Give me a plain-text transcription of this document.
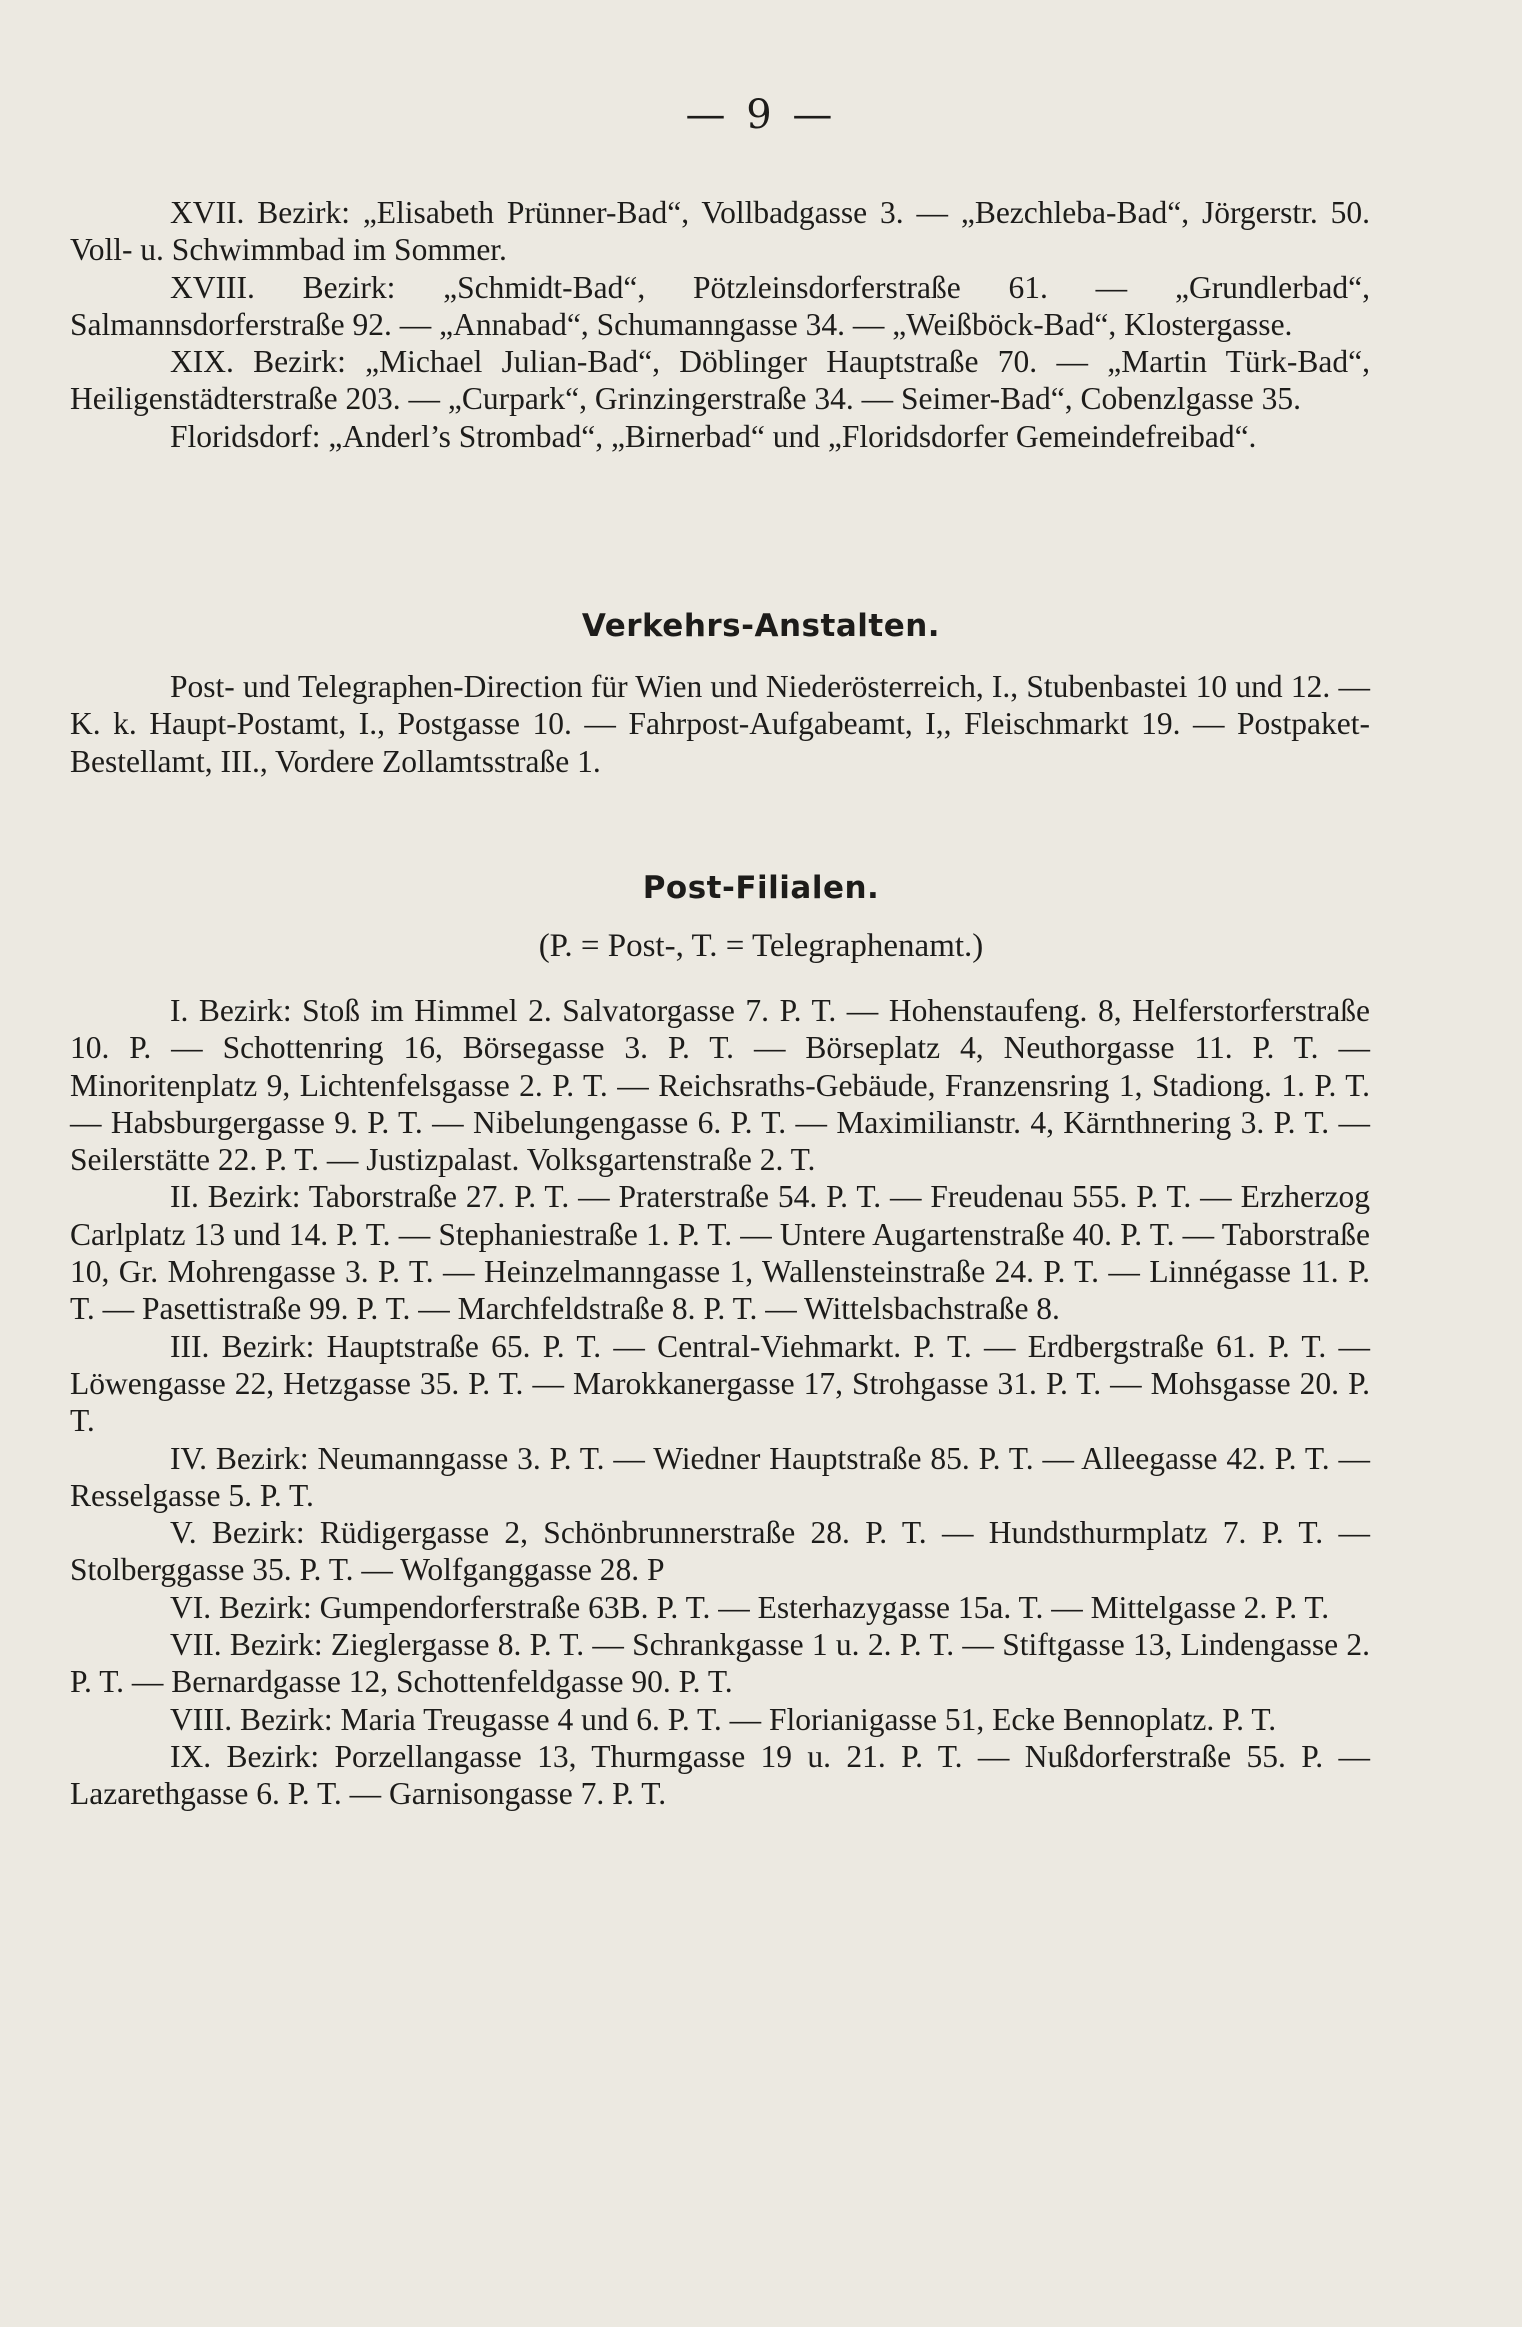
— 9 —

XVII. Bezirk: „Elisabeth Prünner-Bad“, Vollbadgasse 3. — „Bezchleba-Bad“, Jörgerstr. 50. Voll- u. Schwimmbad im Sommer.

XVIII. Bezirk: „Schmidt-Bad“, Pötzleinsdorferstraße 61. — „Grundlerbad“, Salmannsdorferstraße 92. — „Annabad“, Schumanngasse 34. — „Weißböck-Bad“, Klostergasse.

XIX. Bezirk: „Michael Julian-Bad“, Döblinger Hauptstraße 70. — „Martin Türk-Bad“, Heiligenstädterstraße 203. — „Curpark“, Grinzingerstraße 34. — Seimer-Bad“, Cobenzlgasse 35.

Floridsdorf: „Anderl’s Strombad“, „Birnerbad“ und „Floridsdorfer Gemeindefreibad“.

Verkehrs-Anstalten.

Post- und Telegraphen-Direction für Wien und Niederösterreich, I., Stubenbastei 10 und 12. — K. k. Haupt-Postamt, I., Postgasse 10. — Fahrpost-Aufgabeamt, I,, Fleischmarkt 19. — Postpaket-Bestellamt, III., Vordere Zollamtsstraße 1.

Post-Filialen.
(P. = Post-, T. = Telegraphenamt.)

I. Bezirk: Stoß im Himmel 2. Salvatorgasse 7. P. T. — Hohenstaufeng. 8, Helferstorferstraße 10. P. — Schottenring 16, Börsegasse 3. P. T. — Börseplatz 4, Neuthorgasse 11. P. T. — Minoritenplatz 9, Lichtenfelsgasse 2. P. T. — Reichsraths-Gebäude, Franzensring 1, Stadiong. 1. P. T. — Habsburgergasse 9. P. T. — Nibelungengasse 6. P. T. — Maximilianstr. 4, Kärnthnering 3. P. T. — Seilerstätte 22. P. T. — Justizpalast. Volksgartenstraße 2. T.

II. Bezirk: Taborstraße 27. P. T. — Praterstraße 54. P. T. — Freudenau 555. P. T. — Erzherzog Carlplatz 13 und 14. P. T. — Stephaniestraße 1. P. T. — Untere Augartenstraße 40. P. T. — Taborstraße 10, Gr. Mohrengasse 3. P. T. — Heinzelmanngasse 1, Wallensteinstraße 24. P. T. — Linnégasse 11. P. T. — Pasettistraße 99. P. T. — Marchfeldstraße 8. P. T. — Wittelsbachstraße 8.

III. Bezirk: Hauptstraße 65. P. T. — Central-Viehmarkt. P. T. — Erdbergstraße 61. P. T. — Löwengasse 22, Hetzgasse 35. P. T. — Marokkanergasse 17, Strohgasse 31. P. T. — Mohsgasse 20. P. T.

IV. Bezirk: Neumanngasse 3. P. T. — Wiedner Hauptstraße 85. P. T. — Alleegasse 42. P. T. — Resselgasse 5. P. T.

V. Bezirk: Rüdigergasse 2, Schönbrunnerstraße 28. P. T. — Hundsthurmplatz 7. P. T. — Stolberggasse 35. P. T. — Wolfganggasse 28. P

VI. Bezirk: Gumpendorferstraße 63B. P. T. — Esterhazygasse 15a. T. — Mittelgasse 2. P. T.

VII. Bezirk: Zieglergasse 8. P. T. — Schrankgasse 1 u. 2. P. T. — Stiftgasse 13, Lindengasse 2. P. T. — Bernardgasse 12, Schottenfeldgasse 90. P. T.

VIII. Bezirk: Maria Treugasse 4 und 6. P. T. — Florianigasse 51, Ecke Bennoplatz. P. T.

IX. Bezirk: Porzellangasse 13, Thurmgasse 19 u. 21. P. T. — Nußdorferstraße 55. P. — Lazarethgasse 6. P. T. — Garnisongasse 7. P. T.
